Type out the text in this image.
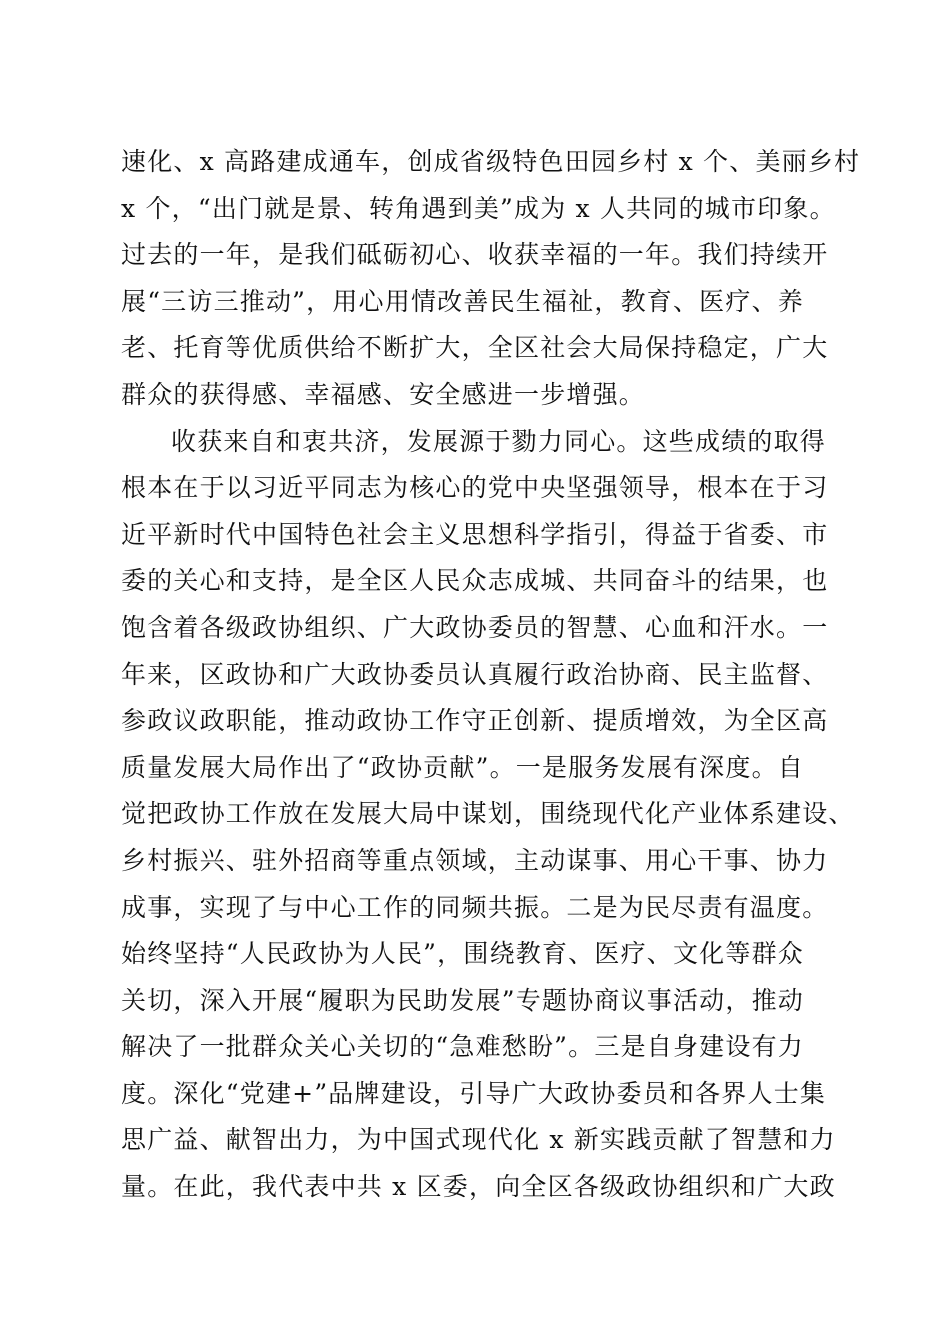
速化、x 高路建成通车，创成省级特色田园乡村 x 个、美丽乡村
x 个，“出门就是景、转角遇到美”成为 x 人共同的城市印象。
过去的一年，是我们砥砺初心、收获幸福的一年。我们持续开
展“三访三推动”，用心用情改善民生福祉，教育、医疗、养
老、托育等优质供给不断扩大，全区社会大局保持稳定，广大
群众的获得感、幸福感、安全感进一步增强。
收获来自和衷共济，发展源于勠力同心。这些成绩的取得
根本在于以习近平同志为核心的党中央坚强领导，根本在于习
近平新时代中国特色社会主义思想科学指引，得益于省委、市
委的关心和支持，是全区人民众志成城、共同奋斗的结果，也
饱含着各级政协组织、广大政协委员的智慧、心血和汗水。一
年来，区政协和广大政协委员认真履行政治协商、民主监督、
参政议政职能，推动政协工作守正创新、提质增效，为全区高
质量发展大局作出了“政协贡献”。一是服务发展有深度。自
觉把政协工作放在发展大局中谋划，围绕现代化产业体系建设、
乡村振兴、驻外招商等重点领域，主动谋事、用心干事、协力
成事，实现了与中心工作的同频共振。二是为民尽责有温度。
始终坚持“人民政协为人民”，围绕教育、医疗、文化等群众
关切，深入开展“履职为民助发展”专题协商议事活动，推动
解决了一批群众关心关切的“急难愁盼”。三是自身建设有力
度。深化“党建+”品牌建设，引导广大政协委员和各界人士集
思广益、献智出力，为中国式现代化 x 新实践贡献了智慧和力
量。在此，我代表中共 x 区委，向全区各级政协组织和广大政
